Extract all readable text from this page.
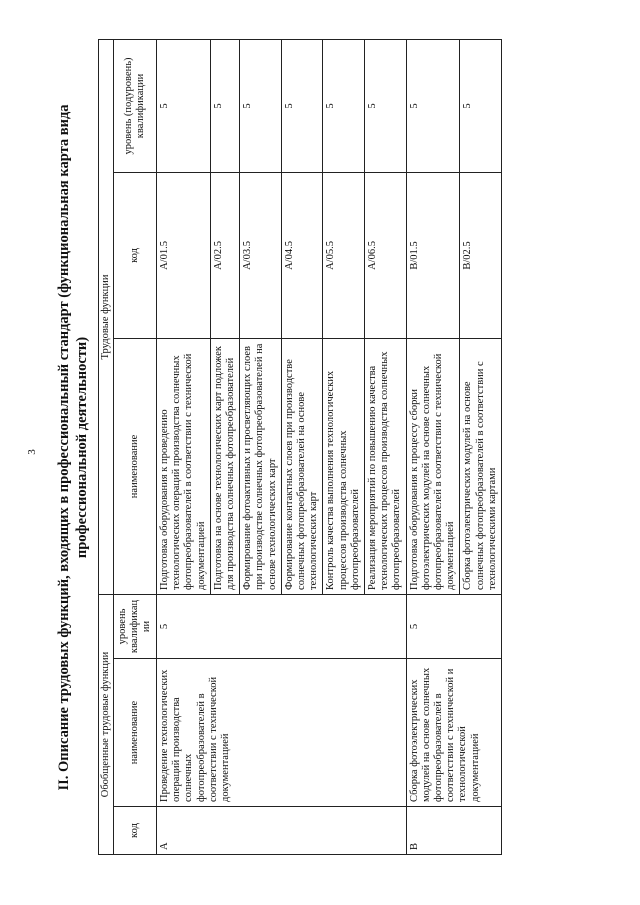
3 II. Описание трудовых функций, входящих в профессиональный стандарт (функциональная карта вида профессиональной деятельности)
Обобщенные трудовые функции			Трудовые функции		
код	наименование	уровень квалификации	наименование	код	уровень (подуровень) квалификации
A	Проведение технологических операций производства солнечных фотопреобразователей в соответствии с технической документацией	5	Подготовка оборудования к проведению технологических операций производства солнечных фотопреобразователей в соответствии с технической документацией	A/01.5	5
			Подготовка на основе технологических карт подложек для производства солнечных фотопреобразователей	A/02.5	5
			Формирование фотоактивных и просветляющих слоев при производстве солнечных фотопреобразователей на основе технологических карт	A/03.5	5
			Формирование контактных слоев при производстве солнечных фотопреобразователей на основе технологических карт	A/04.5	5
			Контроль качества выполнения технологических процессов производства солнечных фотопреобразователей	A/05.5	5
			Реализация мероприятий по повышению качества технологических процессов производства солнечных фотопреобразователей	A/06.5	5
B	Сборка фотоэлектрических модулей на основе солнечных фотопреобразователей в соответствии с технической и технологической документацией	5	Подготовка оборудования к процессу сборки фотоэлектрических модулей на основе солнечных фотопреобразователей в соответствии с технической документацией	B/01.5	5
			Сборка фотоэлектрических модулей на основе солнечных фотопреобразователей в соответствии с технологическими картами	B/02.5	5
